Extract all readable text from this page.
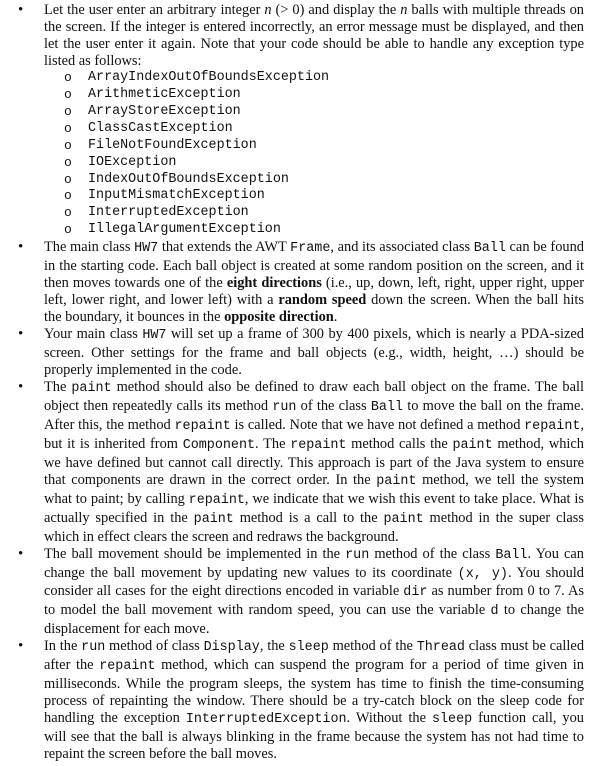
• Let the user enter an arbitrary integer n (> 0) and display the n balls with multiple threads on the screen. If the integer is entered incorrectly, an error message must be displayed, and then let the user enter it again. Note that your code should be able to handle any exception type listed as follows:
o ArrayIndexOutOfBoundsException
o ArithmeticException
o ArrayStoreException
o ClassCastException
o FileNotFoundException
o IOException
o IndexOutOfBoundsException
o InputMismatchException
o InterruptedException
o IllegalArgumentException
• The main class HW7 that extends the AWT Frame, and its associated class Ball can be found in the starting code. Each ball object is created at some random position on the screen, and it then moves towards one of the eight directions (i.e., up, down, left, right, upper right, upper left, lower right, and lower left) with a random speed down the screen. When the ball hits the boundary, it bounces in the opposite direction.
• Your main class HW7 will set up a frame of 300 by 400 pixels, which is nearly a PDA-sized screen. Other settings for the frame and ball objects (e.g., width, height, …) should be properly implemented in the code.
• The paint method should also be defined to draw each ball object on the frame. The ball object then repeatedly calls its method run of the class Ball to move the ball on the frame. After this, the method repaint is called. Note that we have not defined a method repaint, but it is inherited from Component. The repaint method calls the paint method, which we have defined but cannot call directly. This approach is part of the Java system to ensure that components are drawn in the correct order. In the paint method, we tell the system what to paint; by calling repaint, we indicate that we wish this event to take place. What is actually specified in the paint method is a call to the paint method in the super class which in effect clears the screen and redraws the background.
• The ball movement should be implemented in the run method of the class Ball. You can change the ball movement by updating new values to its coordinate (x, y). You should consider all cases for the eight directions encoded in variable dir as number from 0 to 7. As to model the ball movement with random speed, you can use the variable d to change the displacement for each move.
• In the run method of class Display, the sleep method of the Thread class must be called after the repaint method, which can suspend the program for a period of time given in milliseconds. While the program sleeps, the system has time to finish the time-consuming process of repainting the window. There should be a try-catch block on the sleep code for handling the exception InterruptedException. Without the sleep function call, you will see that the ball is always blinking in the frame because the system has not had time to repaint the screen before the ball moves.
